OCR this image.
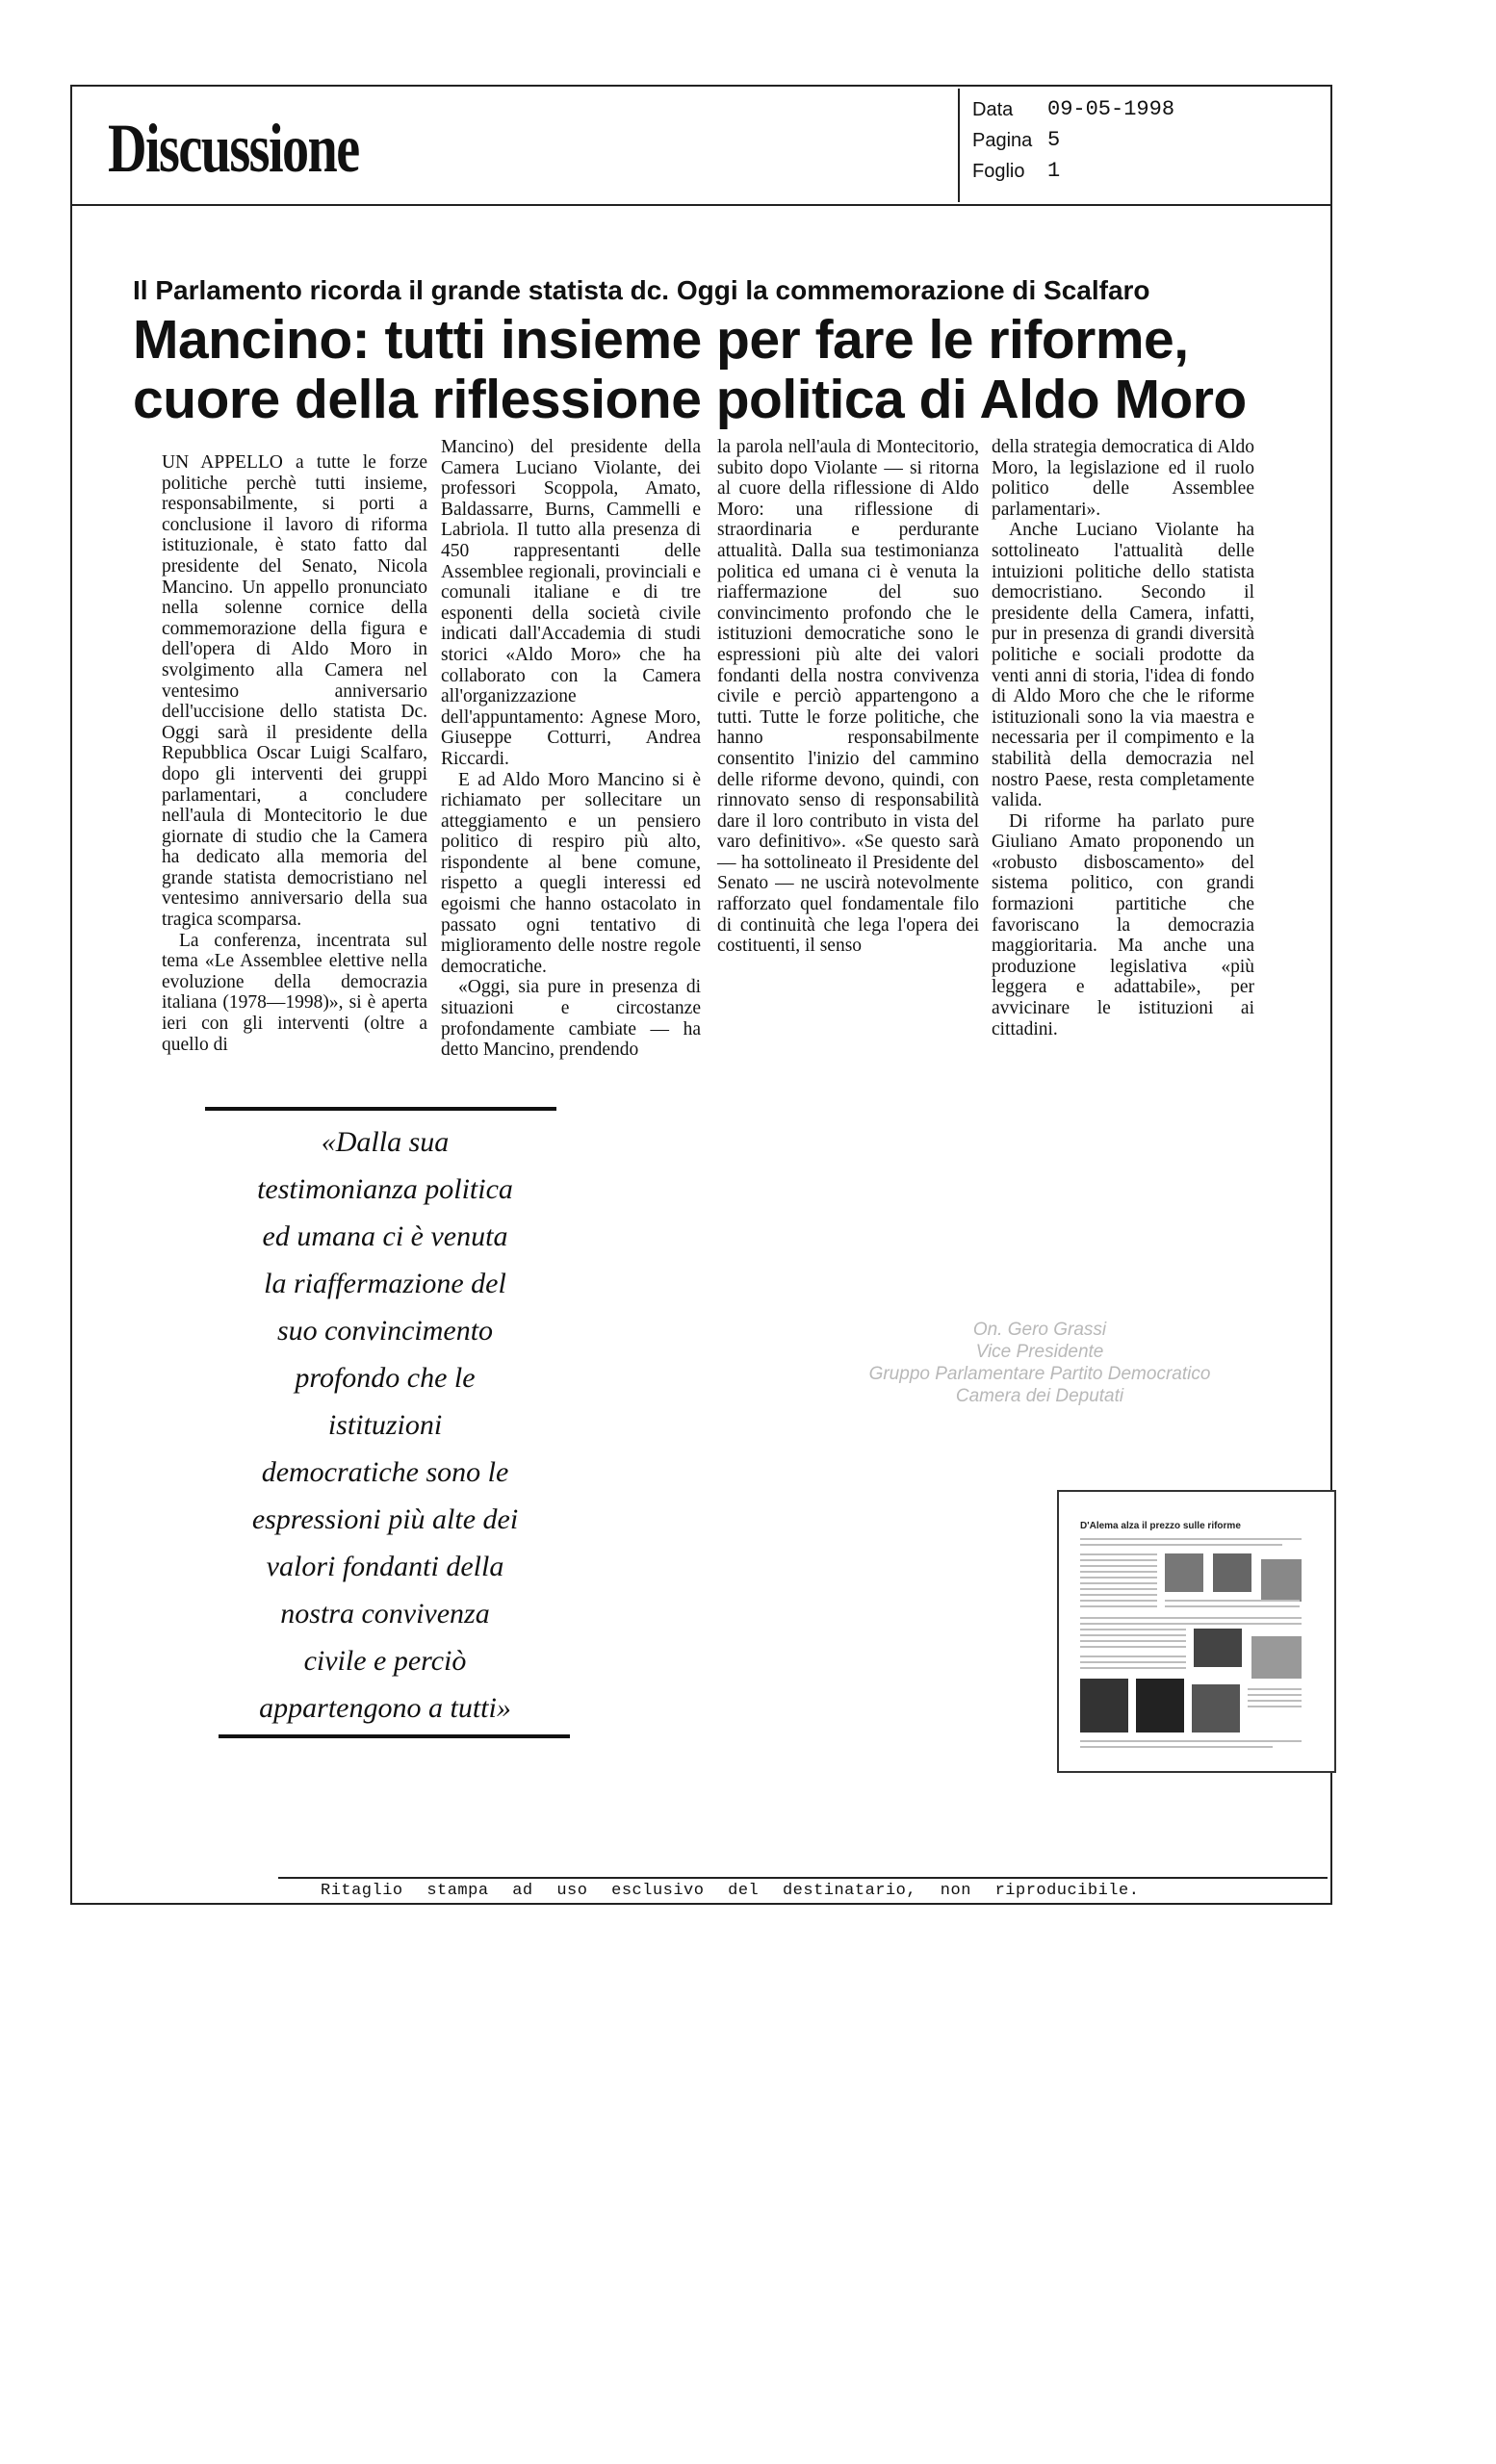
Discussione	Data	09-05-1998
Pagina 5
Foglio	1
Il Parlamento ricorda il grande statista dc. Oggi la commemorazione di Scalfaro
Mancino: tutti insieme per fare le riforme,
cuore della riflessione politica di Aldo Moro

UN APPELLO a tutte le forze politiche perchè tutti insieme, responsabilmente, si porti a conclusione il lavoro di riforma istituzionale, è stato fatto dal presidente del Senato, Nicola Mancino. Un appello pronunciato nella solenne cornice della commemorazione della figura e dell'opera di Aldo Moro in svolgimento alla Camera nel ventesimo anniversario dell'uccisione dello statista Dc. Oggi sarà il presidente della Repubblica Oscar Luigi Scalfaro, dopo gli interventi dei gruppi parlamentari, a concludere nell'aula di Montecitorio le due giornate di studio che la Camera ha dedicato alla memoria del grande statista democristiano nel ventesimo anniversario della sua tragica scomparsa.

La conferenza, incentrata sul tema «Le Assemblee elettive nella evoluzione della democrazia italiana (1978—1998)», si è aperta ieri con gli interventi (oltre a quello di

Mancino) del presidente della Camera Luciano Violante, dei professori Scoppola, Amato, Baldassarre, Burns, Cammelli e Labriola. Il tutto alla presenza di 450 rappresentanti delle Assemblee regionali, provinciali e comunali italiane e di tre esponenti della società civile indicati dall'Accademia di studi storici «Aldo Moro» che ha collaborato con la Camera all'organizzazione dell'appuntamento: Agnese Moro, Giuseppe Cotturri, Andrea Riccardi.

E ad Aldo Moro Mancino si è richiamato per sollecitare un atteggiamento e un pensiero politico di respiro più alto, rispondente al bene comune, rispetto a quegli interessi ed egoismi che hanno ostacolato in passato ogni tentativo di miglioramento delle nostre regole democratiche.

«Oggi, sia pure in presenza di situazioni e circostanze profondamente cambiate — ha detto Mancino, prendendo

la parola nell'aula di Montecitorio, subito dopo Violante — si ritorna al cuore della riflessione di Aldo Moro: una riflessione di straordinaria e perdurante attualità. Dalla sua testimonianza politica ed umana ci è venuta la riaffermazione del suo convincimento profondo che le istituzioni democratiche sono le espressioni più alte dei valori fondanti della nostra convivenza civile e perciò appartengono a tutti. Tutte le forze politiche, che hanno responsabilmente consentito l'inizio del cammino delle riforme devono, quindi, con rinnovato senso di responsabilità dare il loro contributo in vista del varo definitivo». «Se questo sarà — ha sottolineato il Presidente del Senato — ne uscirà notevolmente rafforzato quel fondamentale filo di continuità che lega l'opera dei costituenti, il senso

della strategia democratica di Aldo Moro, la legislazione ed il ruolo politico delle Assemblee parlamentari».

Anche Luciano Violante ha sottolineato l'attualità delle intuizioni politiche dello statista democristiano. Secondo il presidente della Camera, infatti, pur in presenza di grandi diversità politiche e sociali prodotte da venti anni di storia, l'idea di fondo di Aldo Moro che che le riforme istituzionali sono la via maestra e necessaria per il compimento e la stabilità della democrazia nel nostro Paese, resta completamente valida.

Di riforme ha parlato pure Giuliano Amato proponendo un «robusto disboscamento» del sistema politico, con grandi formazioni partitiche che favoriscano la democrazia maggioritaria. Ma anche una produzione legislativa «più leggera e adattabile», per avvicinare le istituzioni ai cittadini.

«Dalla sua
testimonianza politica
ed umana ci è venuta
la riaffermazione del
suo convincimento
profondo che le
istituzioni
democratiche sono le
espressioni più alte dei
valori fondanti della
nostra convivenza
civile e perciò
appartengono a tutti»
On. Gero Grassi
Vice Presidente
Gruppo Parlamentare Partito Democratico
Camera dei Deputati
D'Alema alza il prezzo sulle riforme
Ritaglio stampa ad uso esclusivo del destinatario, non riproducibile.
